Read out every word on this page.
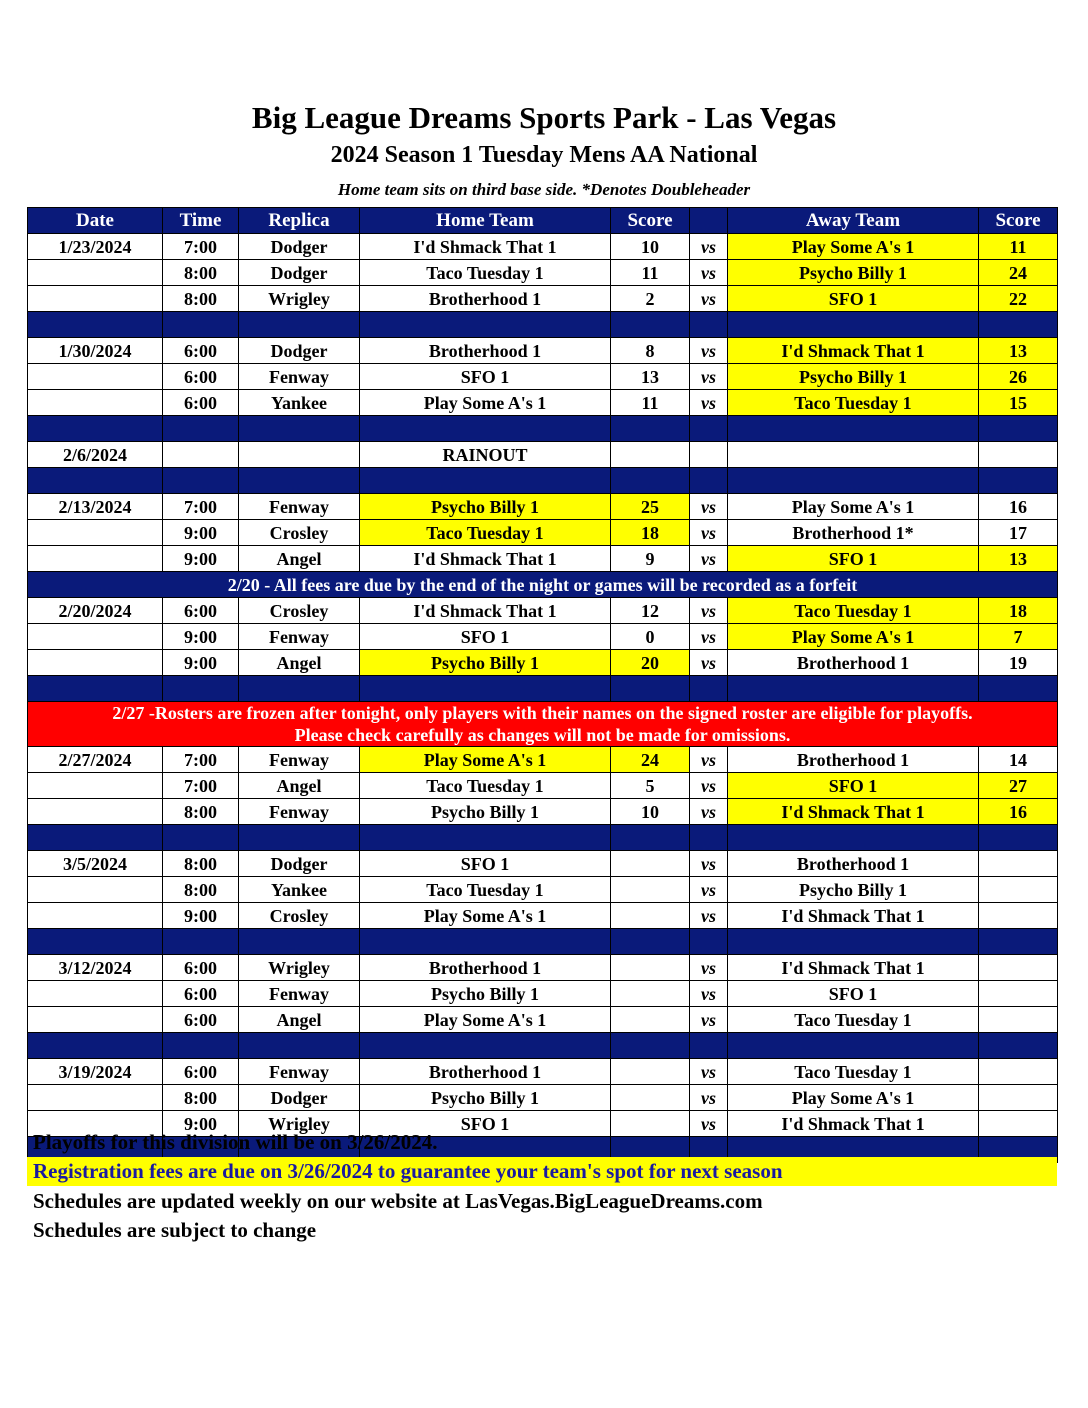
Big League Dreams Sports Park - Las Vegas
2024 Season 1 Tuesday Mens AA National
Home team sits on third base side. *Denotes Doubleheader
Date	Time	Replica	Home Team	Score		Away Team	Score
1/23/2024	7:00	Dodger	I'd Shmack That 1	10	vs	Play Some A's 1	11
	8:00	Dodger	Taco Tuesday 1	11	vs	Psycho Billy 1	24
	8:00	Wrigley	Brotherhood 1	2	vs	SFO 1	22

1/30/2024	6:00	Dodger	Brotherhood 1	8	vs	I'd Shmack That 1	13
	6:00	Fenway	SFO 1	13	vs	Psycho Billy 1	26
	6:00	Yankee	Play Some A's 1	11	vs	Taco Tuesday 1	15

2/6/2024			RAINOUT				

2/13/2024	7:00	Fenway	Psycho Billy 1	25	vs	Play Some A's 1	16
	9:00	Crosley	Taco Tuesday 1	18	vs	Brotherhood 1*	17
	9:00	Angel	I'd Shmack That 1	9	vs	SFO 1	13
2/20 - All fees are due by the end of the night or games will be recorded as a forfeit							
2/20/2024	6:00	Crosley	I'd Shmack That 1	12	vs	Taco Tuesday 1	18
	9:00	Fenway	SFO 1	0	vs	Play Some A's 1	7
	9:00	Angel	Psycho Billy 1	20	vs	Brotherhood 1	19

2/27 -Rosters are frozen after tonight, only players with their names on the signed roster are eligible for playoffs.
Please check carefully as changes will not be made for omissions.							

2/27/2024	7:00	Fenway	Play Some A's 1	24	vs	Brotherhood 1	14
	7:00	Angel	Taco Tuesday 1	5	vs	SFO 1	27
	8:00	Fenway	Psycho Billy 1	10	vs	I'd Shmack That 1	16

3/5/2024	8:00	Dodger	SFO 1		vs	Brotherhood 1	
	8:00	Yankee	Taco Tuesday 1		vs	Psycho Billy 1	
	9:00	Crosley	Play Some A's 1		vs	I'd Shmack That 1	

3/12/2024	6:00	Wrigley	Brotherhood 1		vs	I'd Shmack That 1	
	6:00	Fenway	Psycho Billy 1		vs	SFO 1	
	6:00	Angel	Play Some A's 1		vs	Taco Tuesday 1	

3/19/2024	6:00	Fenway	Brotherhood 1		vs	Taco Tuesday 1	
	8:00	Dodger	Psycho Billy 1		vs	Play Some A's 1	
	9:00	Wrigley	SFO 1		vs	I'd Shmack That 1	

Playoffs for this division will be on 3/26/2024.
Registration fees are due on 3/26/2024 to guarantee your team's spot for next season
Schedules are updated weekly on our website at LasVegas.BigLeagueDreams.com
Schedules are subject to change
